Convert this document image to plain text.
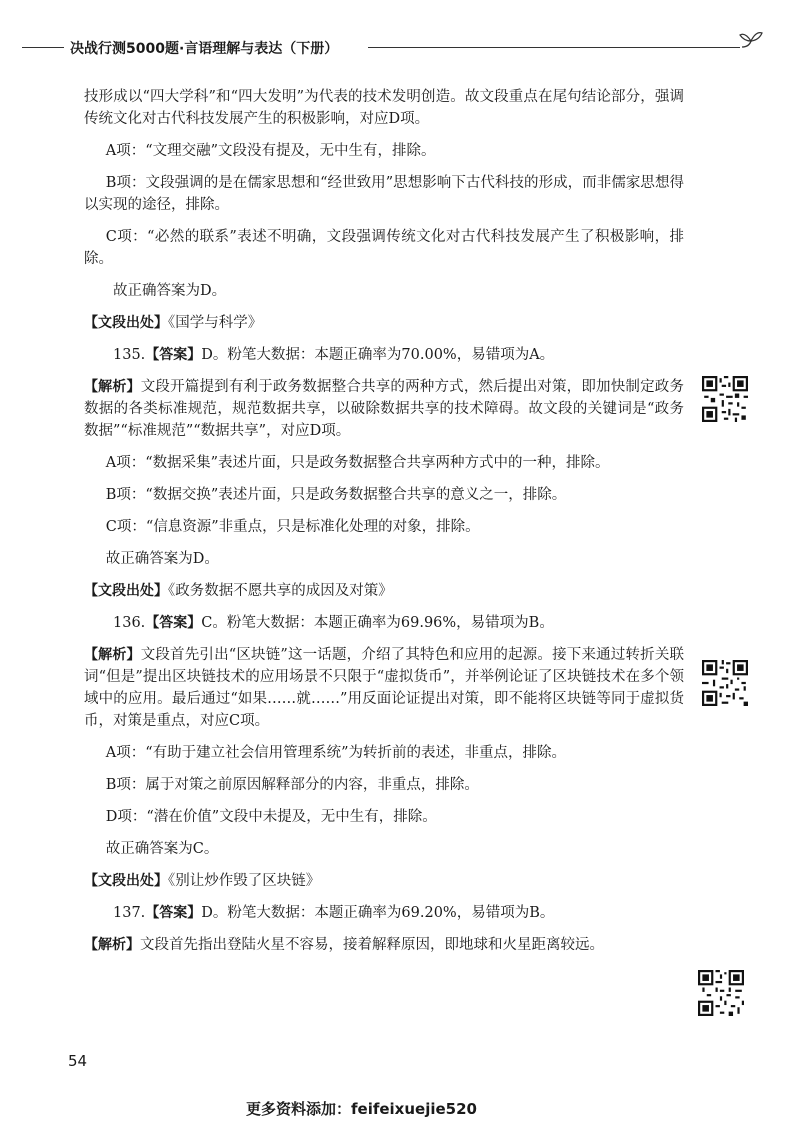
决战行测5000题·言语理解与表达（下册）

技形成以“四大学科”和“四大发明”为代表的技术发明创造。故文段重点在尾句结论部分，强调传统文化对古代科技发展产生的积极影响，对应D项。

A项：“文理交融”文段没有提及，无中生有，排除。

B项：文段强调的是在儒家思想和“经世致用”思想影响下古代科技的形成，而非儒家思想得以实现的途径，排除。

C项：“必然的联系”表述不明确，文段强调传统文化对古代科技发展产生了积极影响，排除。

故正确答案为D。

【文段出处】《国学与科学》

135.【答案】D。粉笔大数据：本题正确率为70.00%，易错项为A。

【解析】文段开篇提到有利于政务数据整合共享的两种方式，然后提出对策，即加快制定政务数据的各类标准规范，规范数据共享，以破除数据共享的技术障碍。故文段的关键词是“政务数据”“标准规范”“数据共享”，对应D项。

A项：“数据采集”表述片面，只是政务数据整合共享两种方式中的一种，排除。

B项：“数据交换”表述片面，只是政务数据整合共享的意义之一，排除。

C项：“信息资源”非重点，只是标准化处理的对象，排除。

故正确答案为D。

【文段出处】《政务数据不愿共享的成因及对策》

136.【答案】C。粉笔大数据：本题正确率为69.96%，易错项为B。

【解析】文段首先引出“区块链”这一话题，介绍了其特色和应用的起源。接下来通过转折关联词“但是”提出区块链技术的应用场景不只限于“虚拟货币”，并举例论证了区块链技术在多个领域中的应用。最后通过“如果……就……”用反面论证提出对策，即不能将区块链等同于虚拟货币，对策是重点，对应C项。

A项：“有助于建立社会信用管理系统”为转折前的表述，非重点，排除。

B项：属于对策之前原因解释部分的内容，非重点，排除。

D项：“潜在价值”文段中未提及，无中生有，排除。

故正确答案为C。

【文段出处】《别让炒作毁了区块链》

137.【答案】D。粉笔大数据：本题正确率为69.20%，易错项为B。

【解析】文段首先指出登陆火星不容易，接着解释原因，即地球和火星距离较远。

54
更多资料添加：feifeixuejie520
